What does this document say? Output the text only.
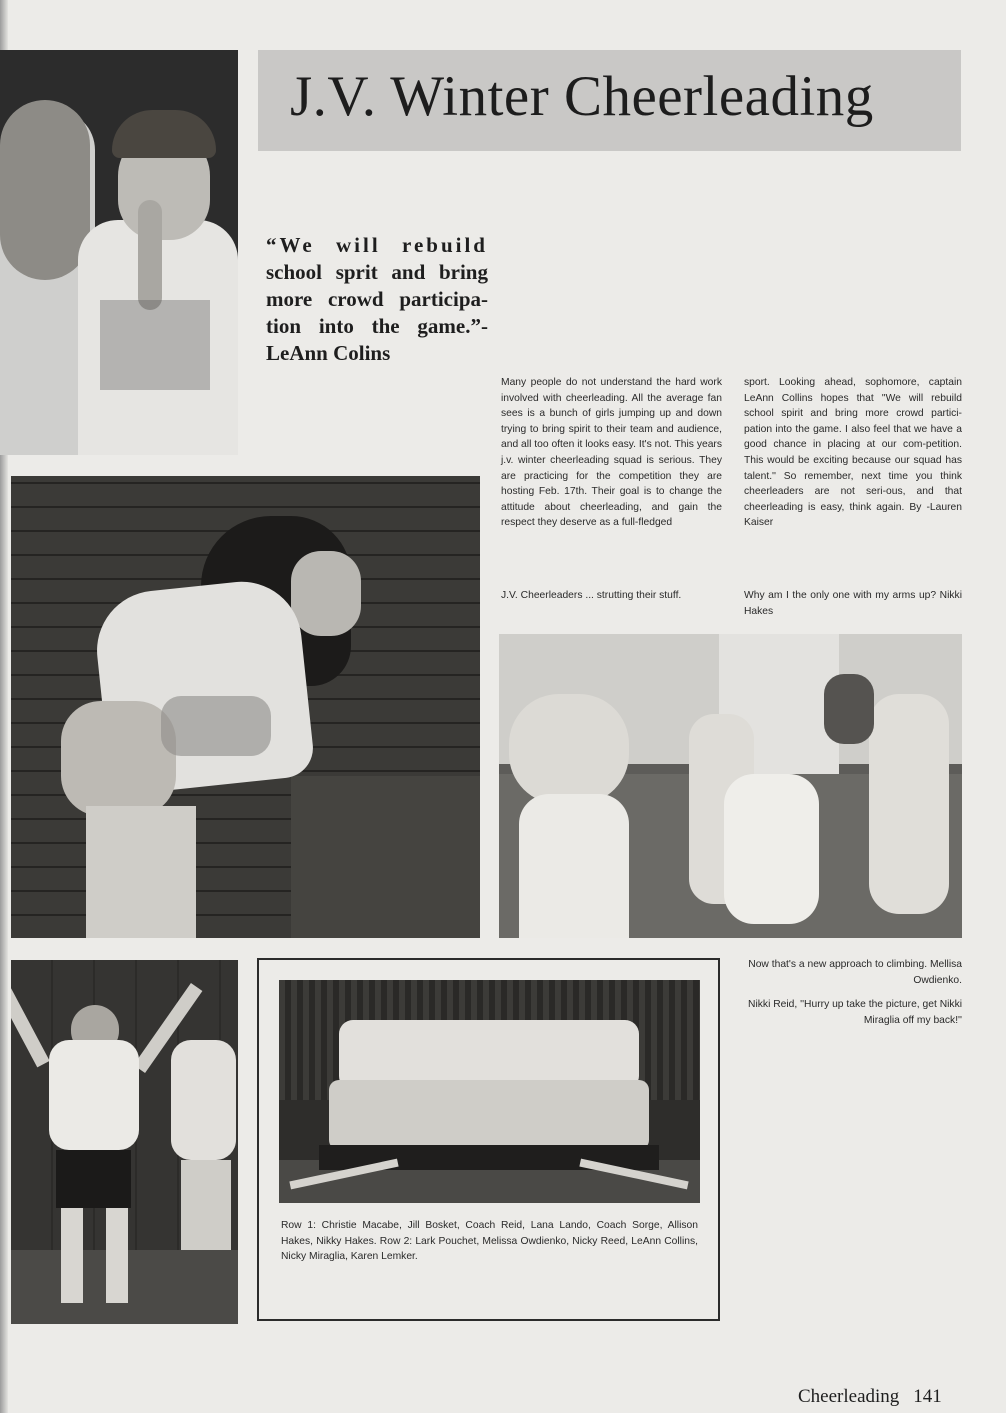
J.V. Winter Cheerleading
“We will rebuild
school sprit and bring
more crowd participa-
tion into the game.”-
LeAnn Colins
Many people do not understand the hard work involved with cheerleading. All the average fan sees is a bunch of girls jumping up and down trying to bring spirit to their team and audience, and all too often it looks easy. It's not. This years j.v. winter cheerleading squad is serious. They are practicing for the competition they are hosting Feb. 17th. Their goal is to change the attitude about cheerleading, and gain the respect they deserve as a full-fledged
sport. Looking ahead, sophomore, captain LeAnn Collins hopes that ''We will rebuild school spirit and bring more crowd partici-pation into the game. I also feel that we have a good chance in placing at our com-petition. This would be exciting because our squad has talent.'' So remember, next time you think cheerleaders are not seri-ous, and that cheerleading is easy, think again. By -Lauren Kaiser
J.V. Cheerleaders ... strutting their stuff.	Why am I the only one with my arms up? Nikki Hakes
Now that's a new approach to climbing. Mellisa Owdienko.
Nikki Reid, ''Hurry up take the picture, get Nikki Miraglia off my back!''
Row 1: Christie Macabe, Jill Bosket, Coach Reid, Lana Lando, Coach Sorge, Allison Hakes, Nikky Hakes. Row 2: Lark Pouchet, Melissa Owdienko, Nicky Reed, LeAnn Collins, Nicky Miraglia, Karen Lemker.
Cheerleading 141
